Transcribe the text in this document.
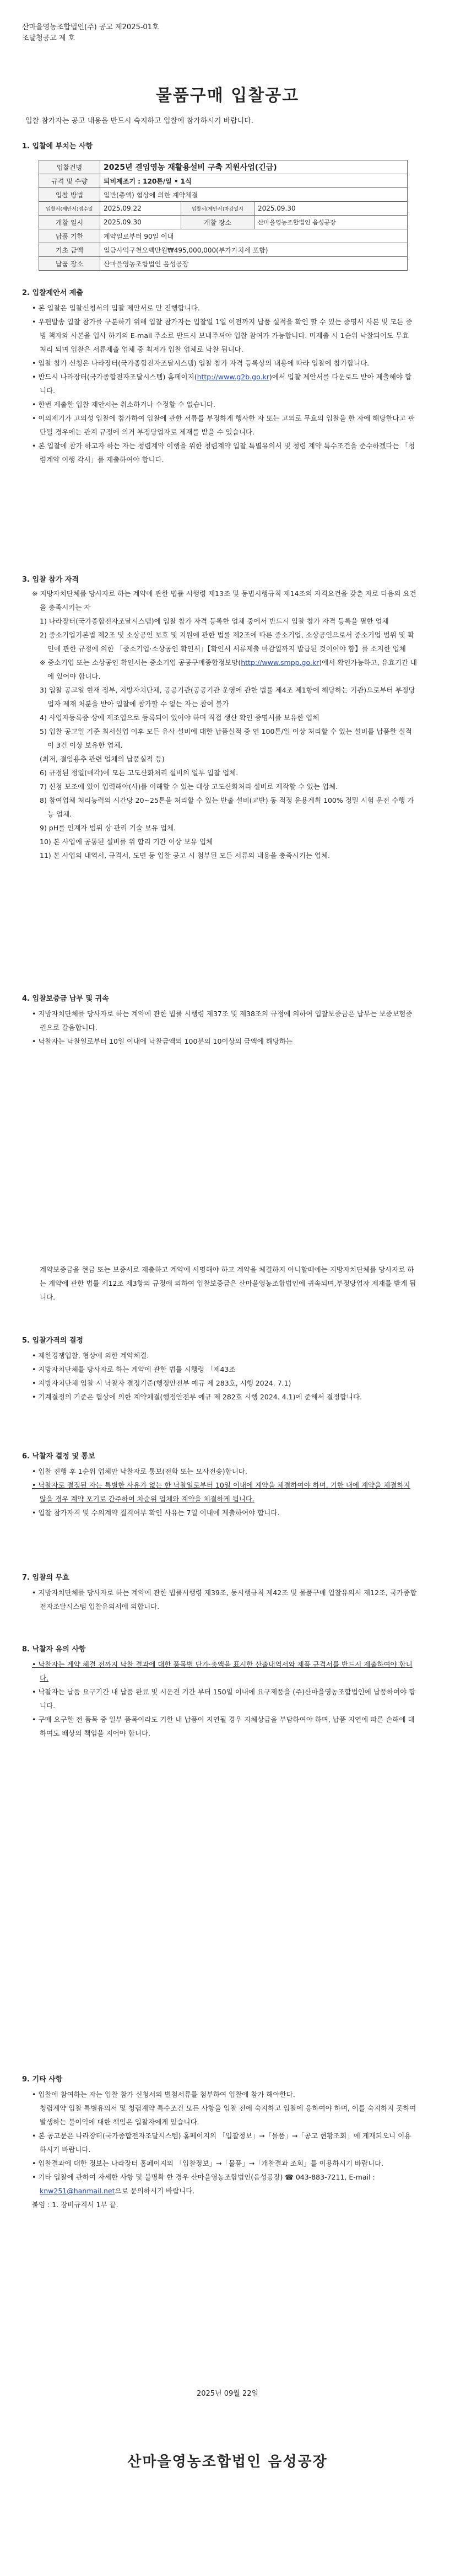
산마을영농조합법인(주) 공고 제2025-01호
조달청공고 제 호
물품구매 입찰공고
입찰 참가자는 공고 내용을 반드시 숙지하고 입찰에 참가하시기 바랍니다.
1. 입찰에 부치는 사항
입찰건명	2025년 결임영농 재활용설비 구축 지원사업(긴급)		
규격 및 수량	퇴비제조기 : 120톤/일 • 1식		
입찰 방법	일반(총액) 협상에 의한 계약체결		
입찰서(제안서)접수일	2025.09.22	입찰서(제안서)마감일시	2025.09.30
개찰 일시	2025.09.30	개찰 장소	산마을영농조합법인 음성공장
납품 기한	계약일로부터 90일 이내		
기초 금액	일금사억구천오백만원₩495,000,000(부가가치세 포함)		
납품 장소	산마을영농조합법인 음성공장		
2. 입찰제안서 제출

• 본 입찰은 입찰신청서의 입찰 제안서로 만 진행합니다.

• 우편발송 입찰 참가를 구분하기 위해 입찰 참가자는 입찰일 1일 이전까지 납품 실적을 확인 할 수 있는 증명서 사본 및 모든 증빙 책자와 사본을 입사 하기의 E-mail 주소로 반드시 보내주셔야 입찰 참여가 가능합니다. 미제출 시 1순위 낙찰되어도 무효 처리 되며 입찰은 서류제출 업체 중 최저가 입찰 업체로 낙찰 됩니다.

• 입찰 참가 신청은 나라장터(국가종합전자조달시스템) 입찰 참가 자격 등록상의 내용에 따라 입찰에 참가합니다.

• 반드시 나라장터(국가종합전자조달시스템) 홈페이지(http://www.g2b.go.kr)에서 입찰 제안서를 다운로드 받아 제출해야 합니다.

• 한번 제출한 입찰 제안서는 취소하거나 수정할 수 없습니다.

• 이의제기가 고의성 입찰에 참가하여 입찰에 관한 서류를 부정하게 행사한 자 또는 고의로 무효의 입찰을 한 자에 해당한다고 판단될 경우에는 관계 규정에 의거 부정당업자로 제재를 받을 수 있습니다.

• 본 입찰에 참가 하고자 하는 자는 청렴계약 이행을 위한 청렴계약 입찰 특별유의서 및 청렴 계약 특수조건을 준수하겠다는 「청렴계약 이행 각서」를 제출하여야 합니다.

3. 입찰 참가 자격

※ 지방자치단체를 당사자로 하는 계약에 관한 법률 시행령 제13조 및 동법시행규칙 제14조의 자격요건을 갖춘 자로 다음의 요건을 충족시키는 자

1) 나라장터(국가종합전자조달시스템)에 입찰 참가 자격 등록한 업체 중에서 반드시 입찰 참가 자격 등록을 필한 업체

2) 중소기업기본법 제2조 및 소상공인 보호 및 지원에 관한 법률 제2조에 따른 중소기업, 소상공인으로서 중소기업 범위 및 확인에 관한 규정에 의한 「중소기업·소상공인 확인서」【확인서 서류제출 마감일까지 발급된 것이어야 함】를 소지한 업체

※ 중소기업 또는 소상공인 확인서는 중소기업 공공구매종합정보망(http://www.smpp.go.kr)에서 확인가능하고, 유효기간 내에 있어야 합니다.

3) 입찰 공고일 현재 정부, 지방자치단체, 공공기관(공공기관 운영에 관한 법률 제4조 제1항에 해당하는 기관)으로부터 부정당업자 제재 처분을 받아 입찰에 참가할 수 없는 자는 참여 불가

4) 사업자등록증 상에 제조업으로 등록되어 있어야 하며 직접 생산 확인 증명서를 보유한 업체

5) 입찰 공고일 기준 최서실업 이후 모든 유사 설비에 대한 납품실적 중 연 100톤/일 이상 처리할 수 있는 설비를 납품한 실적이 3건 이상 보유한 업체.

(최저, 결임용추 관련 업체의 납품실적 등)

6) 규정된 정일(매각)에 모든 고도산화처리 설비의 일부 입찰 업체.

7) 신청 보조에 있어 입력해야(사)를 이해할 수 있는 대상 고도산화처리 설비로 제작할 수 있는 업체.

8) 참여업체 처리능력의 시간당 20~25톤을 처리할 수 있는 반출 설비(교반) 동 적정 운용계획 100% 정밀 시험 운전 수행 가능 업체.

9) pH를 인계자 범위 상 관리 기술 보유 업체.

10) 본 사업에 공통된 설비를 위 합리 기간 이상 보유 업체

11) 본 사업의 내역서, 규격서, 도면 등 입찰 공고 시 첨부된 모든 서류의 내용을 충족시키는 업체.

4. 입찰보증금 납부 및 귀속

• 지방자치단체를 당사자로 하는 계약에 관한 법률 시행령 제37조 및 제38조의 규정에 의하여 입찰보증금은 납부는 보증보험증권으로 갈음합니다.

• 낙찰자는 낙찰일로부터 10일 이내에 낙찰금액의 100분의 10이상의 금액에 해당하는

계약보증금을 현금 또는 보증서로 제출하고 계약에 서명해야 하고 계약을 체결하지 아니할때에는 지방자치단체를 당사자로 하는 계약에 관한 법률 제12조 제3항의 규정에 의하여 입찰보증금은 산마을영농조합법인에 귀속되며,부정당업자 제재를 받게 됩니다.

5. 입찰가격의 결정

• 제한경쟁입찰, 협상에 의한 계약체결.

• 지방자치단체를 당사자로 하는 계약에 관한 법률 시행령 「제43조

• 지방자치단체 입찰 시 낙찰자 결정기준(행정안전부 예규 제 283호, 시행 2024. 7.1)

• 기계결정의 기준은 협상에 의한 계약체결(행정안전부 예규 제 282호 시행 2024. 4.1)에 준해서 결정합니다.

6. 낙찰자 결정 및 통보

• 입찰 진행 후 1순위 업체만 낙찰자로 통보(전화 또는 모사전송)합니다.

• 낙찰자로 결정된 자는 특별한 사유가 없는 한 낙찰일로부터 10일 이내에 계약을 체결하여야 하며, 기한 내에 계약을 체결하지 않을 경우 계약 포기로 간주하여 차순위 업체와 계약을 체결하게 됩니다.

• 입찰 참가자격 및 수의계약 결격여부 확인 사유는 7일 이내에 제출하여야 합니다.

7. 입찰의 무효

• 지방자치단체를 당사자로 하는 계약에 관한 법률시행령 제39조, 동시행규칙 제42조 및 물품구매 입찰유의서 제12조, 국가종합전자조달시스템 입찰유의서에 의합니다.

8. 낙찰자 유의 사항

• 낙찰자는 계약 체결 전까지 낙찰 결과에 대한 품목별 단가·총액을 표시한 산출내역서와 제품 규격서를 반드시 제출하여야 합니다.

• 낙찰자는 납품 요구기간 내 납품 완료 및 시운전 기간 부터 150일 이내에 요구제품을 (주)산마을영농조합법인에 납품하여야 합니다.

• 구매 요구한 전 품목 중 일부 품목이라도 기한 내 납품이 지연될 경우 지체상금을 부담하여야 하며, 납품 지연에 따른 손해에 대하여도 배상의 책임을 지어야 합니다.

9. 기타 사항

• 입찰에 참여하는 자는 입찰 참가 신청서의 별첨서류를 첨부하여 입찰에 참가 해야한다.

청렴계약 입찰 특별유의서 및 청렴계약 특수조건 모든 사항을 입찰 전에 숙지하고 입찰에 응하여야 하며, 이를 숙지하지 못하여 발생하는 불이익에 대한 책임은 입찰자에게 있습니다.

• 본 공고문은 나라장터(국가종합전자조달시스템) 홈페이지의 「입찰정보」→「물품」→「공고 현황조회」에 게재되오니 이용하시기 바랍니다.

• 입찰결과에 대한 정보는 나라장터 홈페이지의 「입찰정보」→「물품」→「개찰결과 조회」를 이용하시기 바랍니다.

• 기타 입찰에 관하여 자세한 사항 및 불명확 한 경우 산마을영농조합법인(음성공장) ☎ 043-883-7211, E-mail : knw251@hanmail.net으로 문의하시기 바랍니다.

붙임 : 1. 장비규격서 1부 끝.

2025년 09월 22일
산마을영농조합법인 음성공장
